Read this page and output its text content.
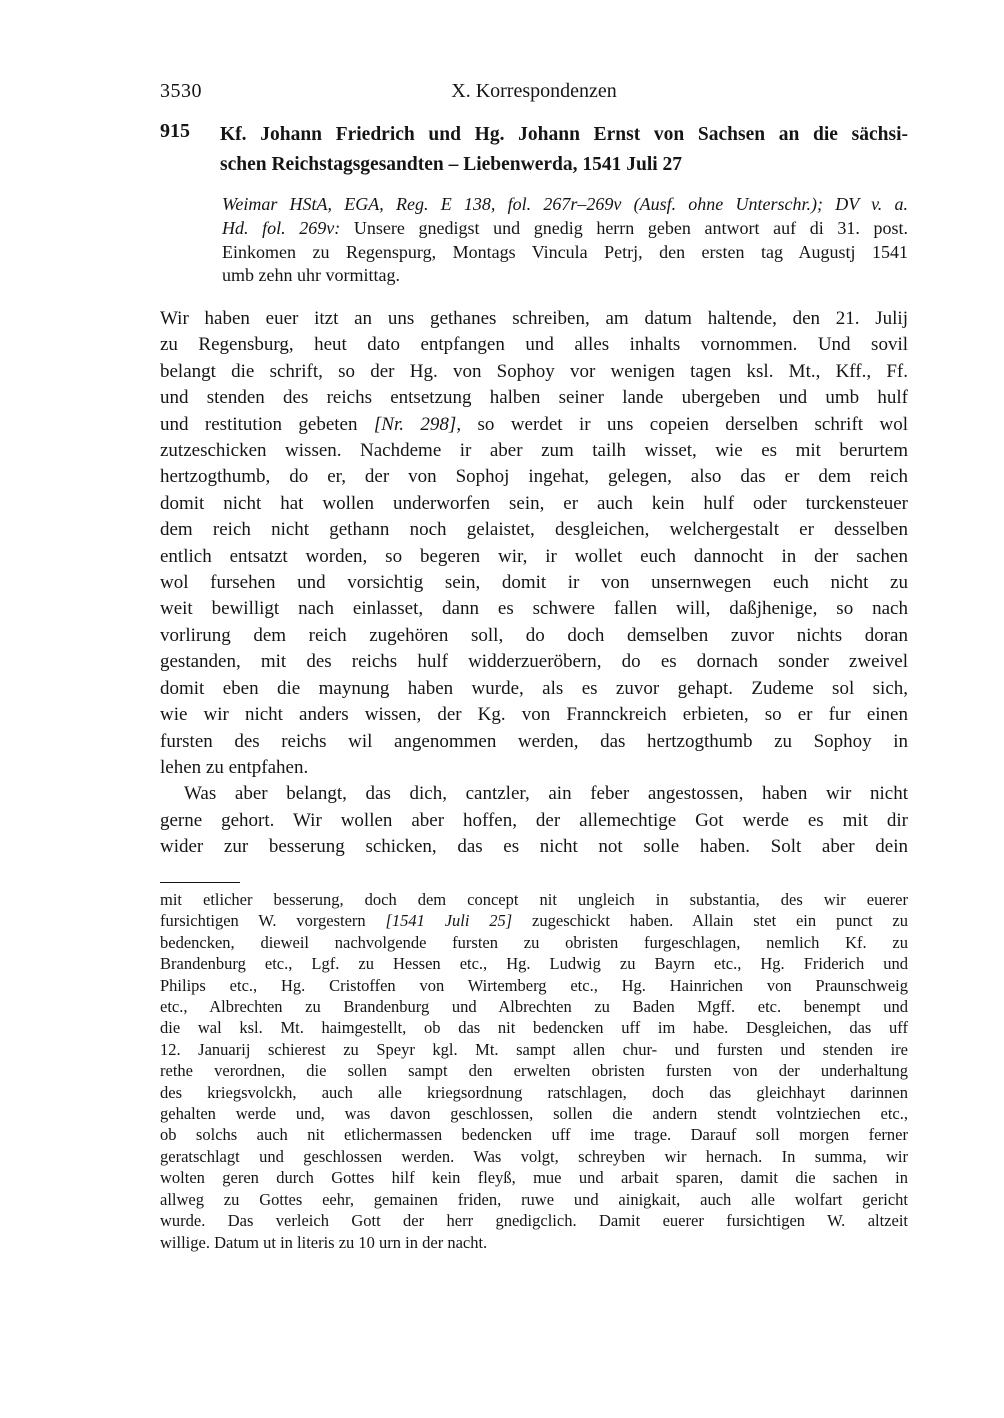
3530	X. Korrespondenzen
915 Kf. Johann Friedrich und Hg. Johann Ernst von Sachsen an die sächsi-
schen Reichstagsgesandten – Liebenwerda, 1541 Juli 27
Weimar HStA, EGA, Reg. E 138, fol. 267r–269v (Ausf. ohne Unterschr.); DV v. a.
Hd. fol. 269v: Unsere gnedigst und gnedig herrn geben antwort auf di 31. post.
Einkomen zu Regenspurg, Montags Vincula Petrj, den ersten tag Augustj 1541
umb zehn uhr vormittag.
Wir haben euer itzt an uns gethanes schreiben, am datum haltende, den 21. Julij
zu Regensburg, heut dato entpfangen und alles inhalts vornommen. Und sovil
belangt die schrift, so der Hg. von Sophoy vor wenigen tagen ksl. Mt., Kff., Ff.
und stenden des reichs entsetzung halben seiner lande ubergeben und umb hulf
und restitution gebeten [Nr. 298], so werdet ir uns copeien derselben schrift wol
zutzeschicken wissen. Nachdeme ir aber zum tailh wisset, wie es mit berurtem
hertzogthumb, do er, der von Sophoj ingehat, gelegen, also das er dem reich
domit nicht hat wollen underworfen sein, er auch kein hulf oder turckensteuer
dem reich nicht gethann noch gelaistet, desgleichen, welchergestalt er desselben
entlich entsatzt worden, so begeren wir, ir wollet euch dannocht in der sachen
wol fursehen und vorsichtig sein, domit ir von unsernwegen euch nicht zu
weit bewilligt nach einlasset, dann es schwere fallen will, daßjhenige, so nach
vorlirung dem reich zugehören soll, do doch demselben zuvor nichts doran
gestanden, mit des reichs hulf widderzueröbern, do es dornach sonder zweivel
domit eben die maynung haben wurde, als es zuvor gehapt. Zudeme sol sich,
wie wir nicht anders wissen, der Kg. von Frannckreich erbieten, so er fur einen
fursten des reichs wil angenommen werden, das hertzogthumb zu Sophoy in
lehen zu entpfahen.
Was aber belangt, das dich, cantzler, ain feber angestossen, haben wir nicht
gerne gehort. Wir wollen aber hoffen, der allemechtige Got werde es mit dir
wider zur besserung schicken, das es nicht not solle haben. Solt aber dein
mit etlicher besserung, doch dem concept nit ungleich in substantia, des wir euerer
fursichtigen W. vorgestern [1541 Juli 25] zugeschickt haben. Allain stet ein punct zu
bedencken, dieweil nachvolgende fursten zu obristen furgeschlagen, nemlich Kf. zu
Brandenburg etc., Lgf. zu Hessen etc., Hg. Ludwig zu Bayrn etc., Hg. Friderich und
Philips etc., Hg. Cristoffen von Wirtemberg etc., Hg. Hainrichen von Praunschweig
etc., Albrechten zu Brandenburg und Albrechten zu Baden Mgff. etc. benempt und
die wal ksl. Mt. haimgestellt, ob das nit bedencken uff im habe. Desgleichen, das uff
12. Januarij schierest zu Speyr kgl. Mt. sampt allen chur- und fursten und stenden ire
rethe verordnen, die sollen sampt den erwelten obristen fursten von der underhaltung
des kriegsvolckh, auch alle kriegsordnung ratschlagen, doch das gleichhayt darinnen
gehalten werde und, was davon geschlossen, sollen die andern stendt volntziechen etc.,
ob solchs auch nit etlichermassen bedencken uff ime trage. Darauf soll morgen ferner
geratschlagt und geschlossen werden. Was volgt, schreyben wir hernach. In summa, wir
wolten geren durch Gottes hilf kein fleyß, mue und arbait sparen, damit die sachen in
allweg zu Gottes eehr, gemainen friden, ruwe und ainigkait, auch alle wolfart gericht
wurde. Das verleich Gott der herr gnedigclich. Damit euerer fursichtigen W. altzeit
willige. Datum ut in literis zu 10 urn in der nacht.
